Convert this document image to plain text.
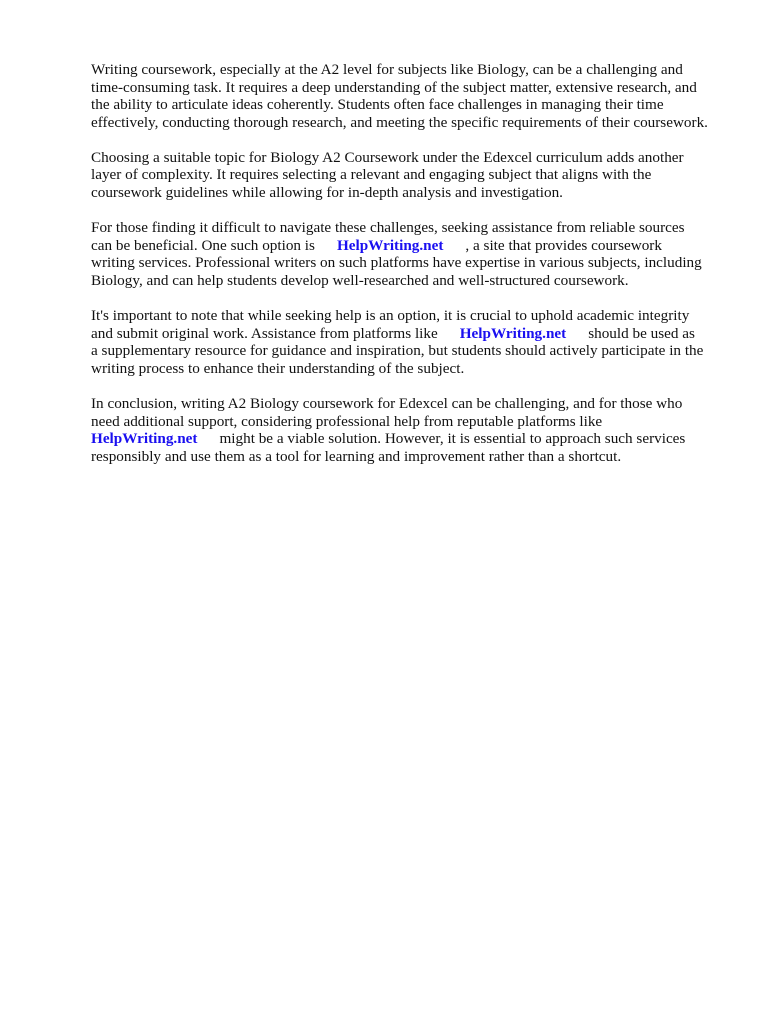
Writing coursework, especially at the A2 level for subjects like Biology, can be a challenging and
time-consuming task. It requires a deep understanding of the subject matter, extensive research, and
the ability to articulate ideas coherently. Students often face challenges in managing their time
effectively, conducting thorough research, and meeting the specific requirements of their coursework.

Choosing a suitable topic for Biology A2 Coursework under the Edexcel curriculum adds another
layer of complexity. It requires selecting a relevant and engaging subject that aligns with the
coursework guidelines while allowing for in-depth analysis and investigation.

For those finding it difficult to navigate these challenges, seeking assistance from reliable sources
can be beneficial. One such option is HelpWriting.net , a site that provides coursework
writing services. Professional writers on such platforms have expertise in various subjects, including
Biology, and can help students develop well-researched and well-structured coursework.

It's important to note that while seeking help is an option, it is crucial to uphold academic integrity
and submit original work. Assistance from platforms like HelpWriting.net should be used as
a supplementary resource for guidance and inspiration, but students should actively participate in the
writing process to enhance their understanding of the subject.

In conclusion, writing A2 Biology coursework for Edexcel can be challenging, and for those who
need additional support, considering professional help from reputable platforms like
HelpWriting.net might be a viable solution. However, it is essential to approach such services
responsibly and use them as a tool for learning and improvement rather than a shortcut.
